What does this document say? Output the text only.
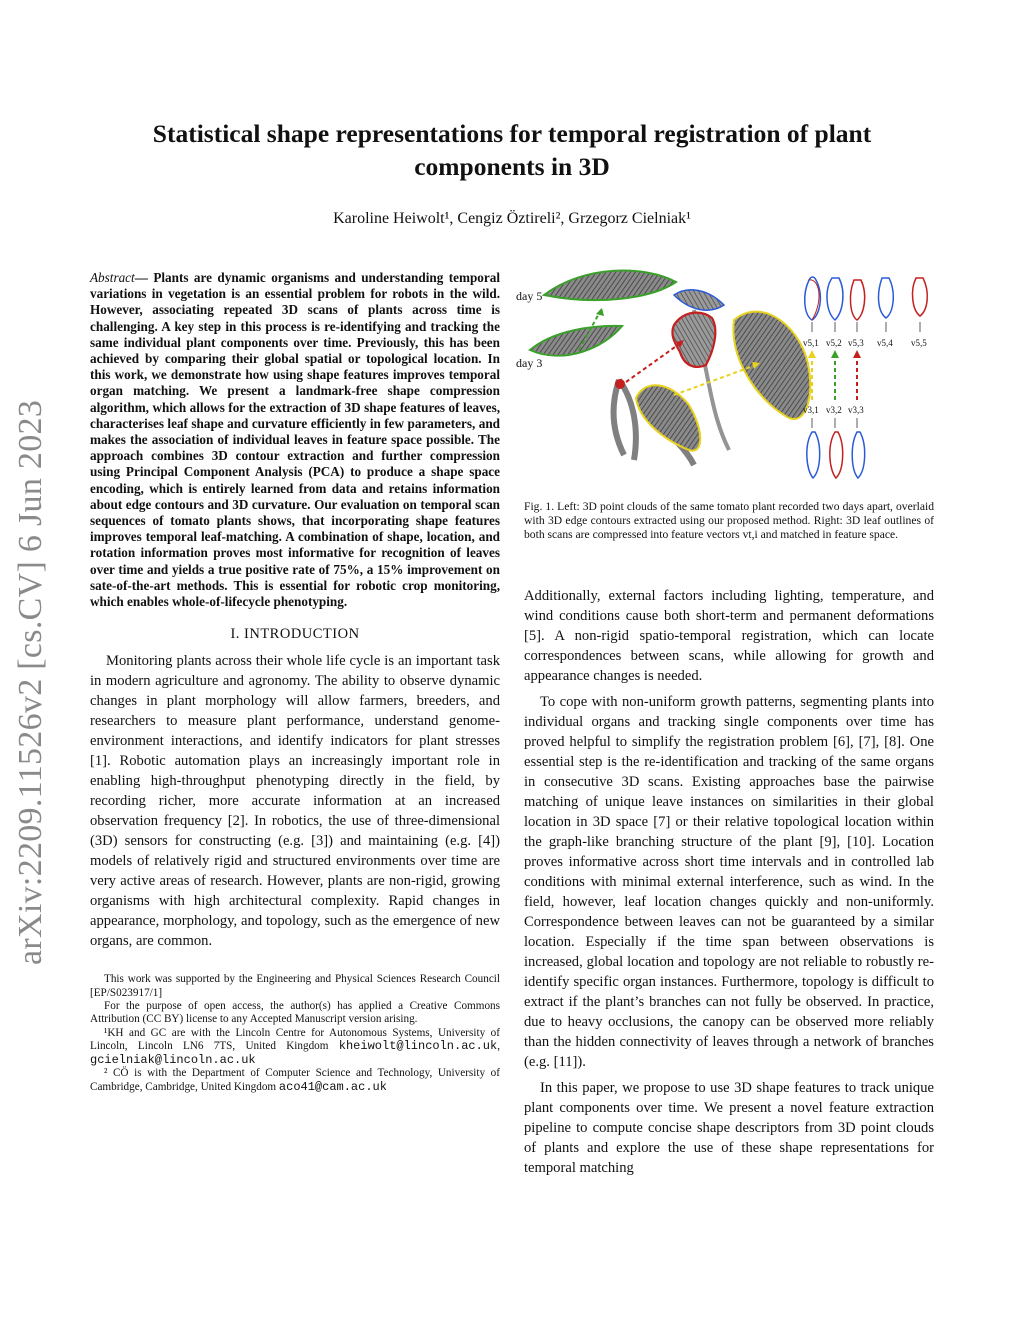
Statistical shape representations for temporal registration of plant components in 3D
Karoline Heiwolt¹, Cengiz Öztireli², Grzegorz Cielniak¹
arXiv:2209.11526v2 [cs.CV] 6 Jun 2023
Abstract— Plants are dynamic organisms and understanding temporal variations in vegetation is an essential problem for robots in the wild. However, associating repeated 3D scans of plants across time is challenging. A key step in this process is re-identifying and tracking the same individual plant components over time. Previously, this has been achieved by comparing their global spatial or topological location. In this work, we demonstrate how using shape features improves temporal organ matching. We present a landmark-free shape compression algorithm, which allows for the extraction of 3D shape features of leaves, characterises leaf shape and curvature efficiently in few parameters, and makes the association of individual leaves in feature space possible. The approach combines 3D contour extraction and further compression using Principal Component Analysis (PCA) to produce a shape space encoding, which is entirely learned from data and retains information about edge contours and 3D curvature. Our evaluation on temporal scan sequences of tomato plants shows, that incorporating shape features improves temporal leaf-matching. A combination of shape, location, and rotation information proves most informative for recognition of leaves over time and yields a true positive rate of 75%, a 15% improvement on sate-of-the-art methods. This is essential for robotic crop monitoring, which enables whole-of-lifecycle phenotyping.
I. INTRODUCTION

Monitoring plants across their whole life cycle is an important task in modern agriculture and agronomy. The ability to observe dynamic changes in plant morphology will allow farmers, breeders, and researchers to measure plant performance, understand genome-environment interactions, and identify indicators for plant stresses [1]. Robotic automation plays an increasingly important role in enabling high-throughput phenotyping directly in the field, by recording richer, more accurate information at an increased observation frequency [2]. In robotics, the use of three-dimensional (3D) sensors for constructing (e.g. [3]) and maintaining (e.g. [4]) models of relatively rigid and structured environments over time are very active areas of research. However, plants are non-rigid, growing organisms with high architectural complexity. Rapid changes in appearance, morphology, and topology, such as the emergence of new organs, are common.

This work was supported by the Engineering and Physical Sciences Research Council [EP/S023917/1]

For the purpose of open access, the author(s) has applied a Creative Commons Attribution (CC BY) license to any Accepted Manuscript version arising.

¹KH and GC are with the Lincoln Centre for Autonomous Systems, University of Lincoln, Lincoln LN6 7TS, United Kingdom kheiwolt@lincoln.ac.uk, gcielniak@lincoln.ac.uk

² CÖ is with the Department of Computer Science and Technology, University of Cambridge, Cambridge, United Kingdom aco41@cam.ac.uk

day 5
day 3
v5,1 v5,2 v5,3 v5,4 v5,5
v3,1 v3,2 v3,3
Fig. 1. Left: 3D point clouds of the same tomato plant recorded two days apart, overlaid with 3D edge contours extracted using our proposed method. Right: 3D leaf outlines of both scans are compressed into feature vectors vt,i and matched in feature space.

Additionally, external factors including lighting, temperature, and wind conditions cause both short-term and permanent deformations [5]. A non-rigid spatio-temporal registration, which can locate correspondences between scans, while allowing for growth and appearance changes is needed.

To cope with non-uniform growth patterns, segmenting plants into individual organs and tracking single components over time has proved helpful to simplify the registration problem [6], [7], [8]. One essential step is the re-identification and tracking of the same organs in consecutive 3D scans. Existing approaches base the pairwise matching of unique leave instances on similarities in their global location in 3D space [7] or their relative topological location within the graph-like branching structure of the plant [9], [10]. Location proves informative across short time intervals and in controlled lab conditions with minimal external interference, such as wind. In the field, however, leaf location changes quickly and non-uniformly. Correspondence between leaves can not be guaranteed by a similar location. Especially if the time span between observations is increased, global location and topology are not reliable to robustly re-identify specific organ instances. Furthermore, topology is difficult to extract if the plant’s branches can not fully be observed. In practice, due to heavy occlusions, the canopy can be observed more reliably than the hidden connectivity of leaves through a network of branches (e.g. [11]).

In this paper, we propose to use 3D shape features to track unique plant components over time. We present a novel feature extraction pipeline to compute concise shape descriptors from 3D point clouds of plants and explore the use of these shape representations for temporal matching
